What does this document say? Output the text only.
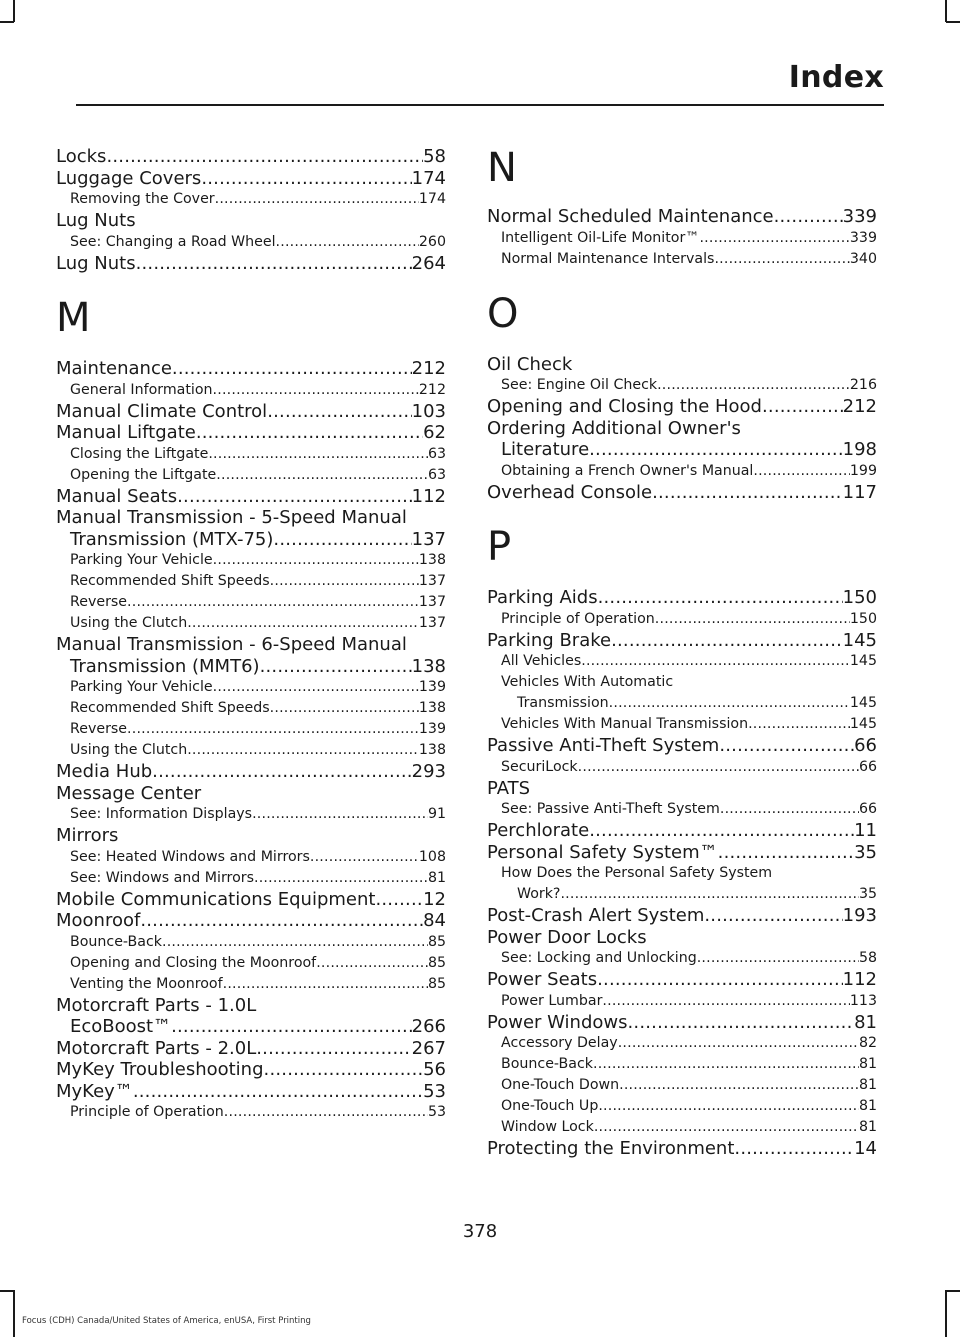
Index
Locks .....	58
Luggage Covers .....	174
Removing the Cover .....	174
Lug Nuts
See: Changing a Road Wheel .....	260
Lug Nuts .....	264
M
Maintenance .....	212
General Information .....	212
Manual Climate Control .....	103
Manual Liftgate .....	62
Closing the Liftgate .....	63
Opening the Liftgate .....	63
Manual Seats .....	112
Manual Transmission - 5-Speed Manual
Transmission (MTX-75) .....	137
Parking Your Vehicle .....	138
Recommended Shift Speeds .....	137
Reverse .....	137
Using the Clutch .....	137
Manual Transmission - 6-Speed Manual
Transmission (MMT6) .....	138
Parking Your Vehicle .....	139
Recommended Shift Speeds .....	138
Reverse .....	139
Using the Clutch .....	138
Media Hub .....	293
Message Center
See: Information Displays .....	91
Mirrors
See: Heated Windows and Mirrors .....	108
See: Windows and Mirrors .....	81
Mobile Communications Equipment .....	12
Moonroof .....	84
Bounce-Back .....	85
Opening and Closing the Moonroof .....	85
Venting the Moonroof .....	85
Motorcraft Parts - 1.0L
EcoBoost™ .....	266
Motorcraft Parts - 2.0L .....	267
MyKey Troubleshooting .....	56
MyKey™ .....	53
Principle of Operation .....	53
N
Normal Scheduled Maintenance .....	339
Intelligent Oil-Life Monitor™ .....	339
Normal Maintenance Intervals .....	340
O
Oil Check
See: Engine Oil Check .....	216
Opening and Closing the Hood .....	212
Ordering Additional Owner's
Literature .....	198
Obtaining a French Owner's Manual .....	199
Overhead Console .....	117
P
Parking Aids .....	150
Principle of Operation .....	150
Parking Brake .....	145
All Vehicles .....	145
Vehicles With Automatic
Transmission .....	145
Vehicles With Manual Transmission .....	145
Passive Anti-Theft System .....	66
SecuriLock .....	66
PATS
See: Passive Anti-Theft System .....	66
Perchlorate .....	11
Personal Safety System™ .....	35
How Does the Personal Safety System
Work? .....	35
Post-Crash Alert System .....	193
Power Door Locks
See: Locking and Unlocking .....	58
Power Seats .....	112
Power Lumbar .....	113
Power Windows .....	81
Accessory Delay .....	82
Bounce-Back .....	81
One-Touch Down .....	81
One-Touch Up .....	81
Window Lock .....	81
Protecting the Environment .....	14
378
Focus (CDH) Canada/United States of America, enUSA, First Printing
